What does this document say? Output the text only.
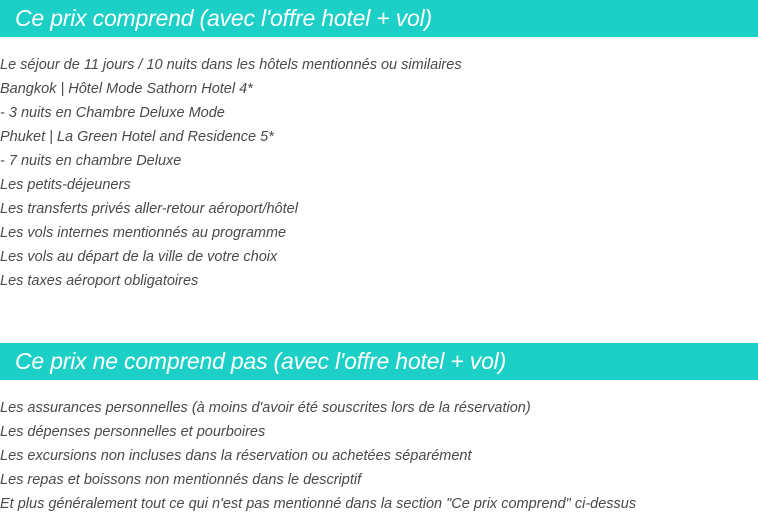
Ce prix comprend (avec l'offre hotel + vol)
Le séjour de 11 jours / 10 nuits dans les hôtels mentionnés ou similaires
Bangkok | Hôtel Mode Sathorn Hotel 4*
- 3 nuits en Chambre Deluxe Mode
Phuket | La Green Hotel and Residence 5*
- 7 nuits en chambre Deluxe
Les petits-déjeuners
Les transferts privés aller-retour aéroport/hôtel
Les vols internes mentionnés au programme
Les vols au départ de la ville de votre choix
Les taxes aéroport obligatoires
Ce prix ne comprend pas (avec l'offre hotel + vol)
Les assurances personnelles (à moins d'avoir été souscrites lors de la réservation)
Les dépenses personnelles et pourboires
Les excursions non incluses dans la réservation ou achetées séparément
Les repas et boissons non mentionnés dans le descriptif
Et plus généralement tout ce qui n'est pas mentionné dans la section "Ce prix comprend" ci-dessus
